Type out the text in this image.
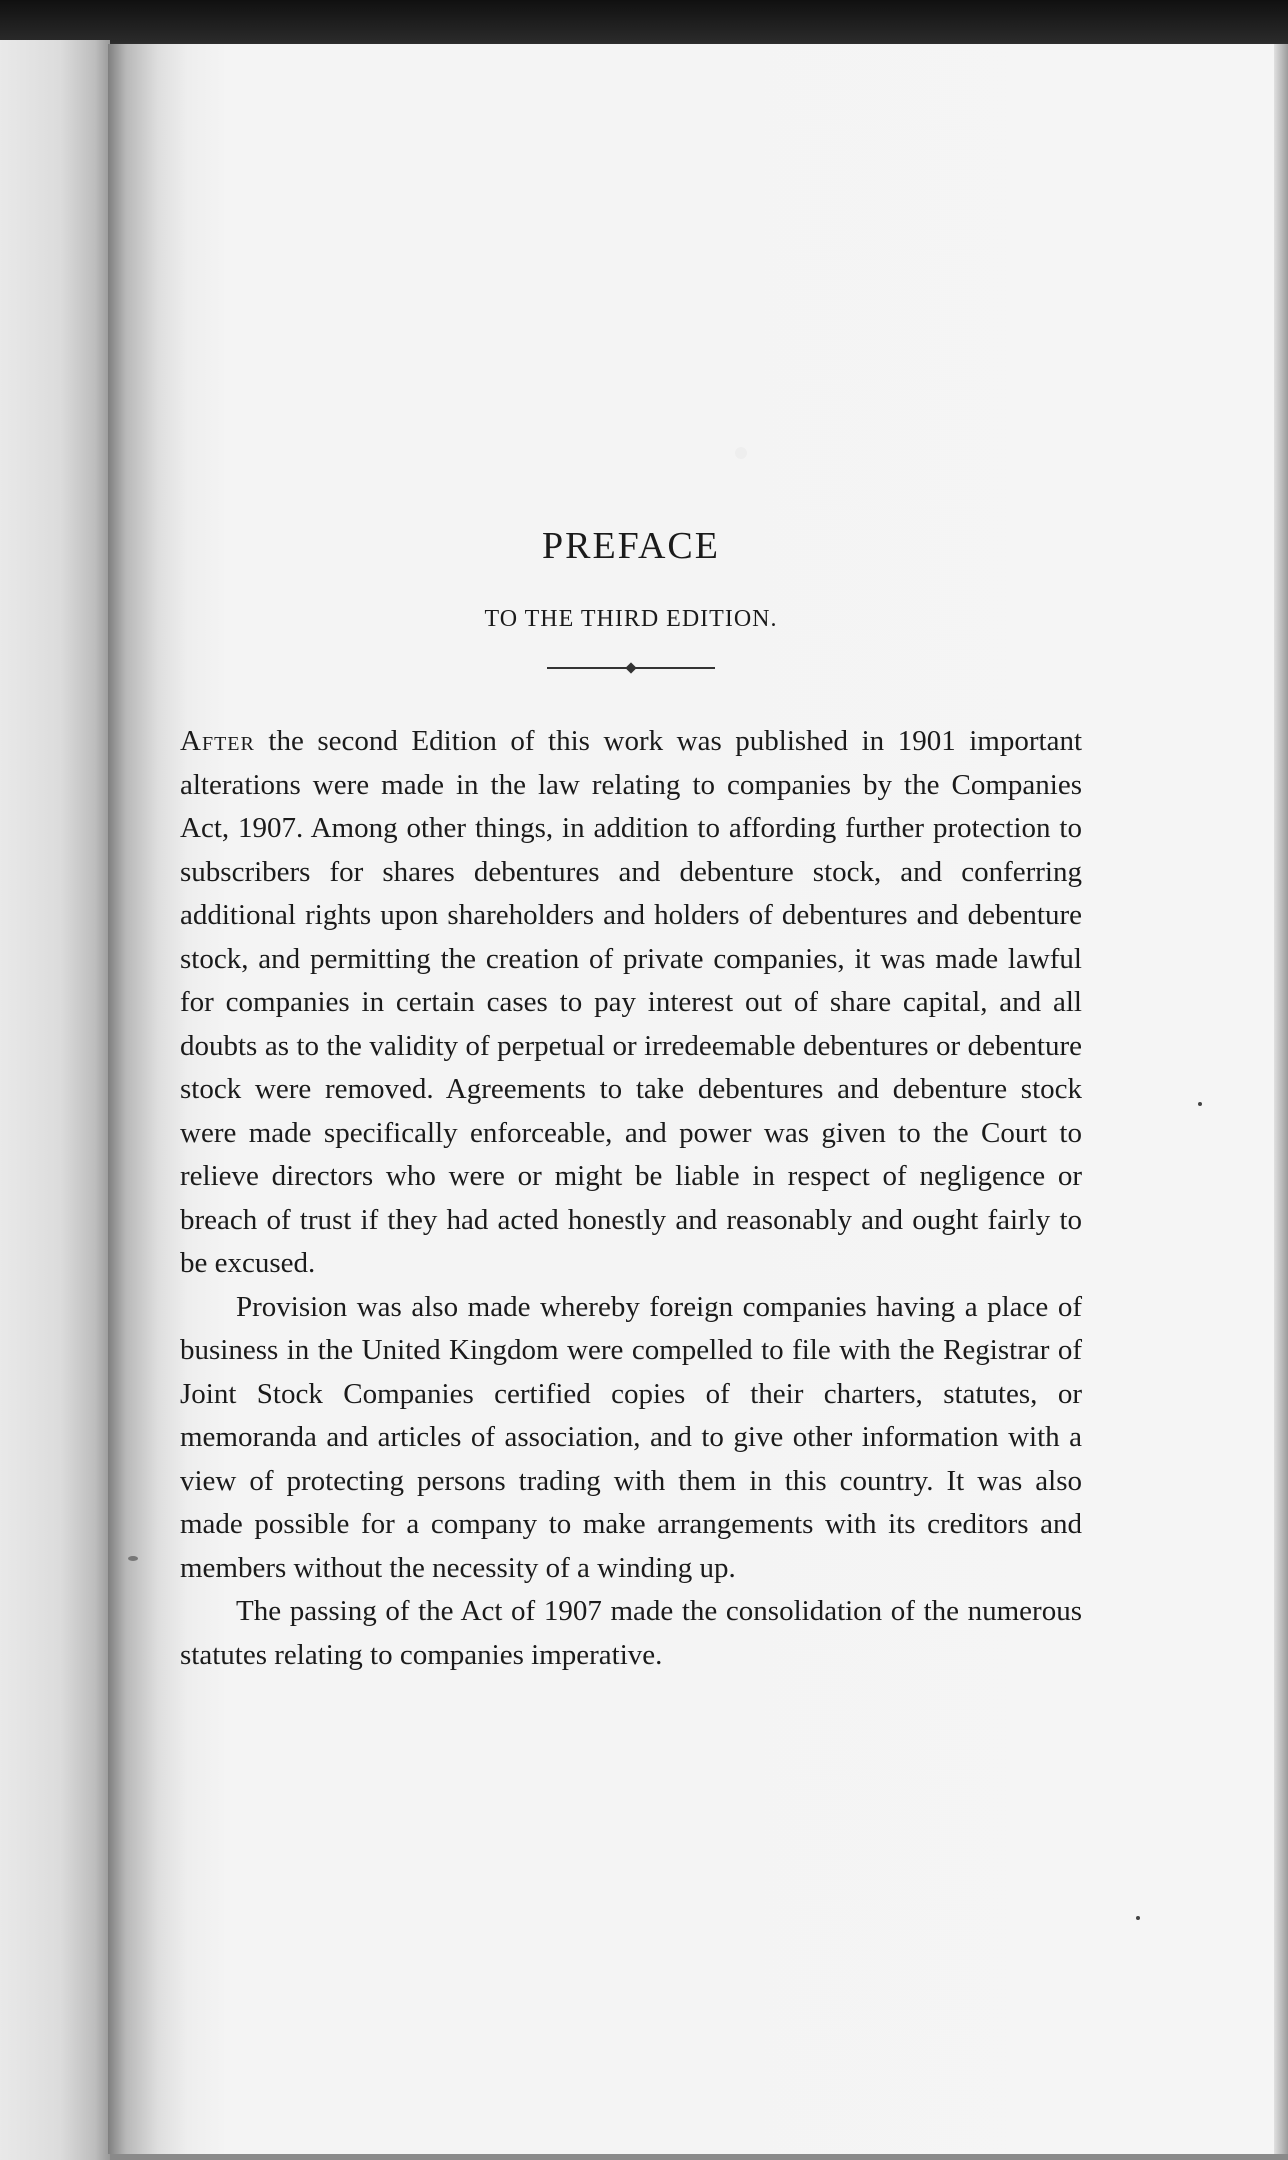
PREFACE
TO THE THIRD EDITION.

After the second Edition of this work was published in 1901 important alterations were made in the law relating to companies by the Companies Act, 1907. Among other things, in addition to affording further protection to subscribers for shares debentures and debenture stock, and conferring additional rights upon shareholders and holders of debentures and debenture stock, and permitting the creation of private companies, it was made lawful for companies in certain cases to pay interest out of share capital, and all doubts as to the validity of perpetual or irredeemable debentures or debenture stock were removed. Agreements to take debentures and debenture stock were made specifically enforceable, and power was given to the Court to relieve directors who were or might be liable in respect of negligence or breach of trust if they had acted honestly and reasonably and ought fairly to be excused.

Provision was also made whereby foreign companies having a place of business in the United Kingdom were compelled to file with the Registrar of Joint Stock Companies certified copies of their charters, statutes, or memoranda and articles of association, and to give other information with a view of protecting persons trading with them in this country. It was also made possible for a company to make arrangements with its creditors and members without the necessity of a winding up.

The passing of the Act of 1907 made the consolidation of the numerous statutes relating to companies imperative.
